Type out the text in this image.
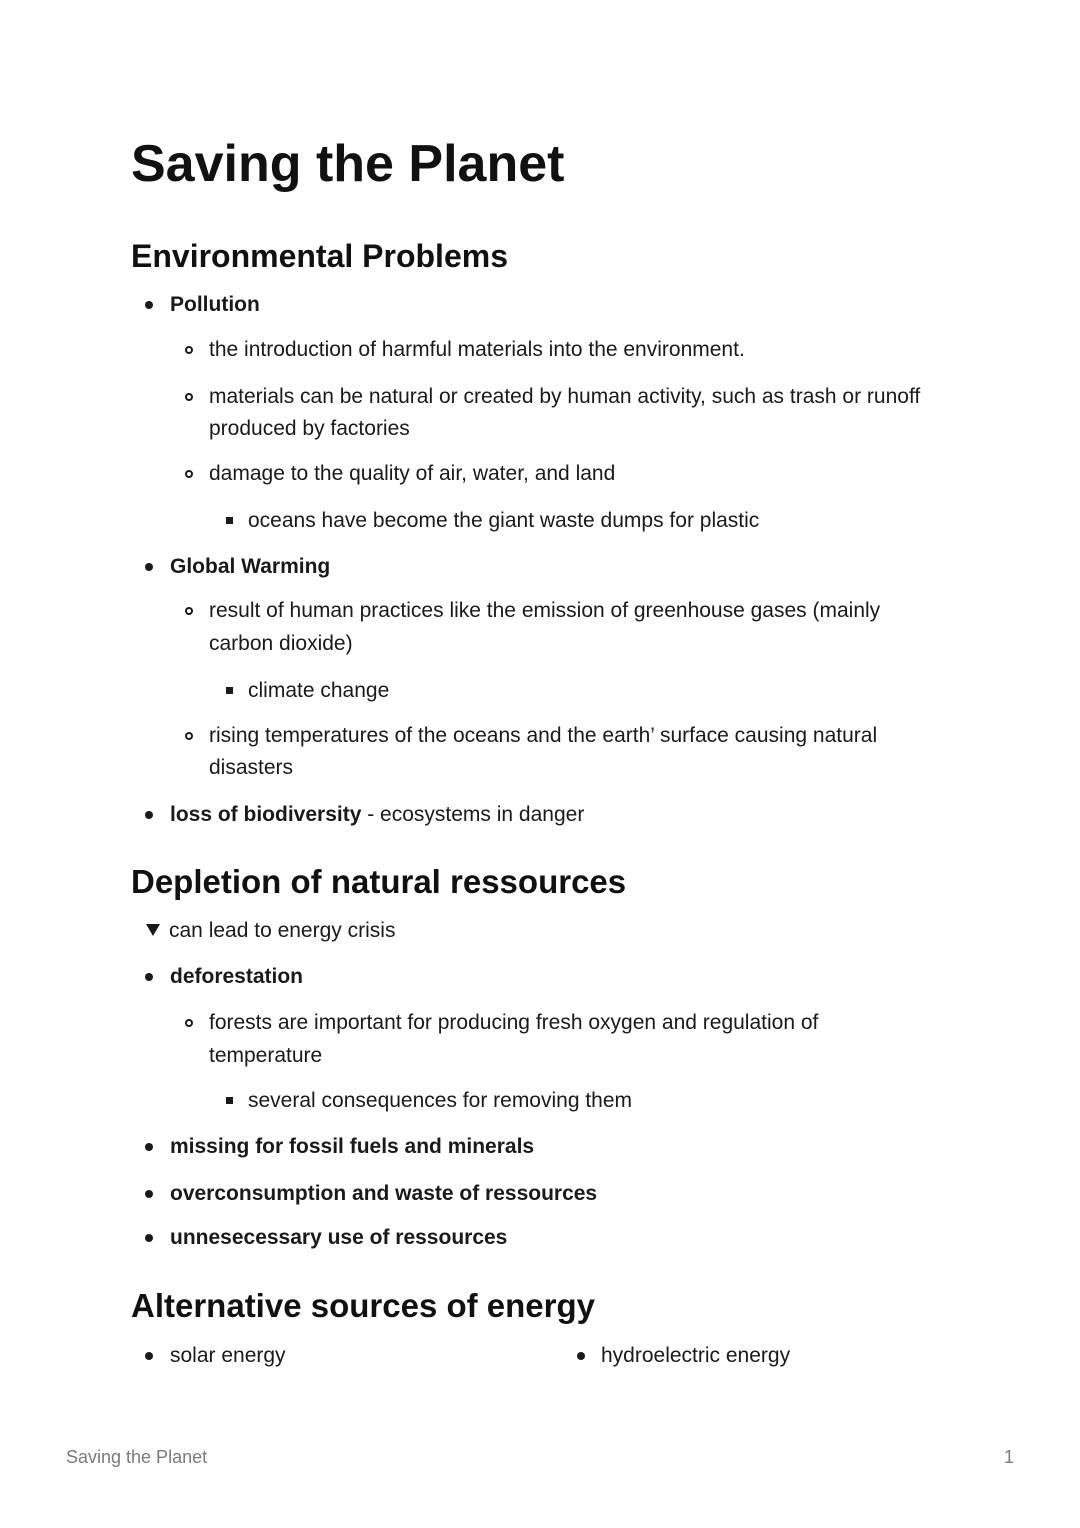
Saving the Planet
Environmental Problems
Pollution
the introduction of harmful materials into the environment.
materials can be natural or created by human activity, such as trash or runoff
produced by factories
damage to the quality of air, water, and land
oceans have become the giant waste dumps for plastic
Global Warming
result of human practices like the emission of greenhouse gases (mainly
carbon dioxide)
climate change
rising temperatures of the oceans and the earth’ surface causing natural
disasters
loss of biodiversity - ecosystems in danger
Depletion of natural ressources
can lead to energy crisis
deforestation
forests are important for producing fresh oxygen and regulation of
temperature
several consequences for removing them
missing for fossil fuels and minerals
overconsumption and waste of ressources
unnesecessary use of ressources
Alternative sources of energy
solar energy	hydroelectric energy
Saving the Planet	1
